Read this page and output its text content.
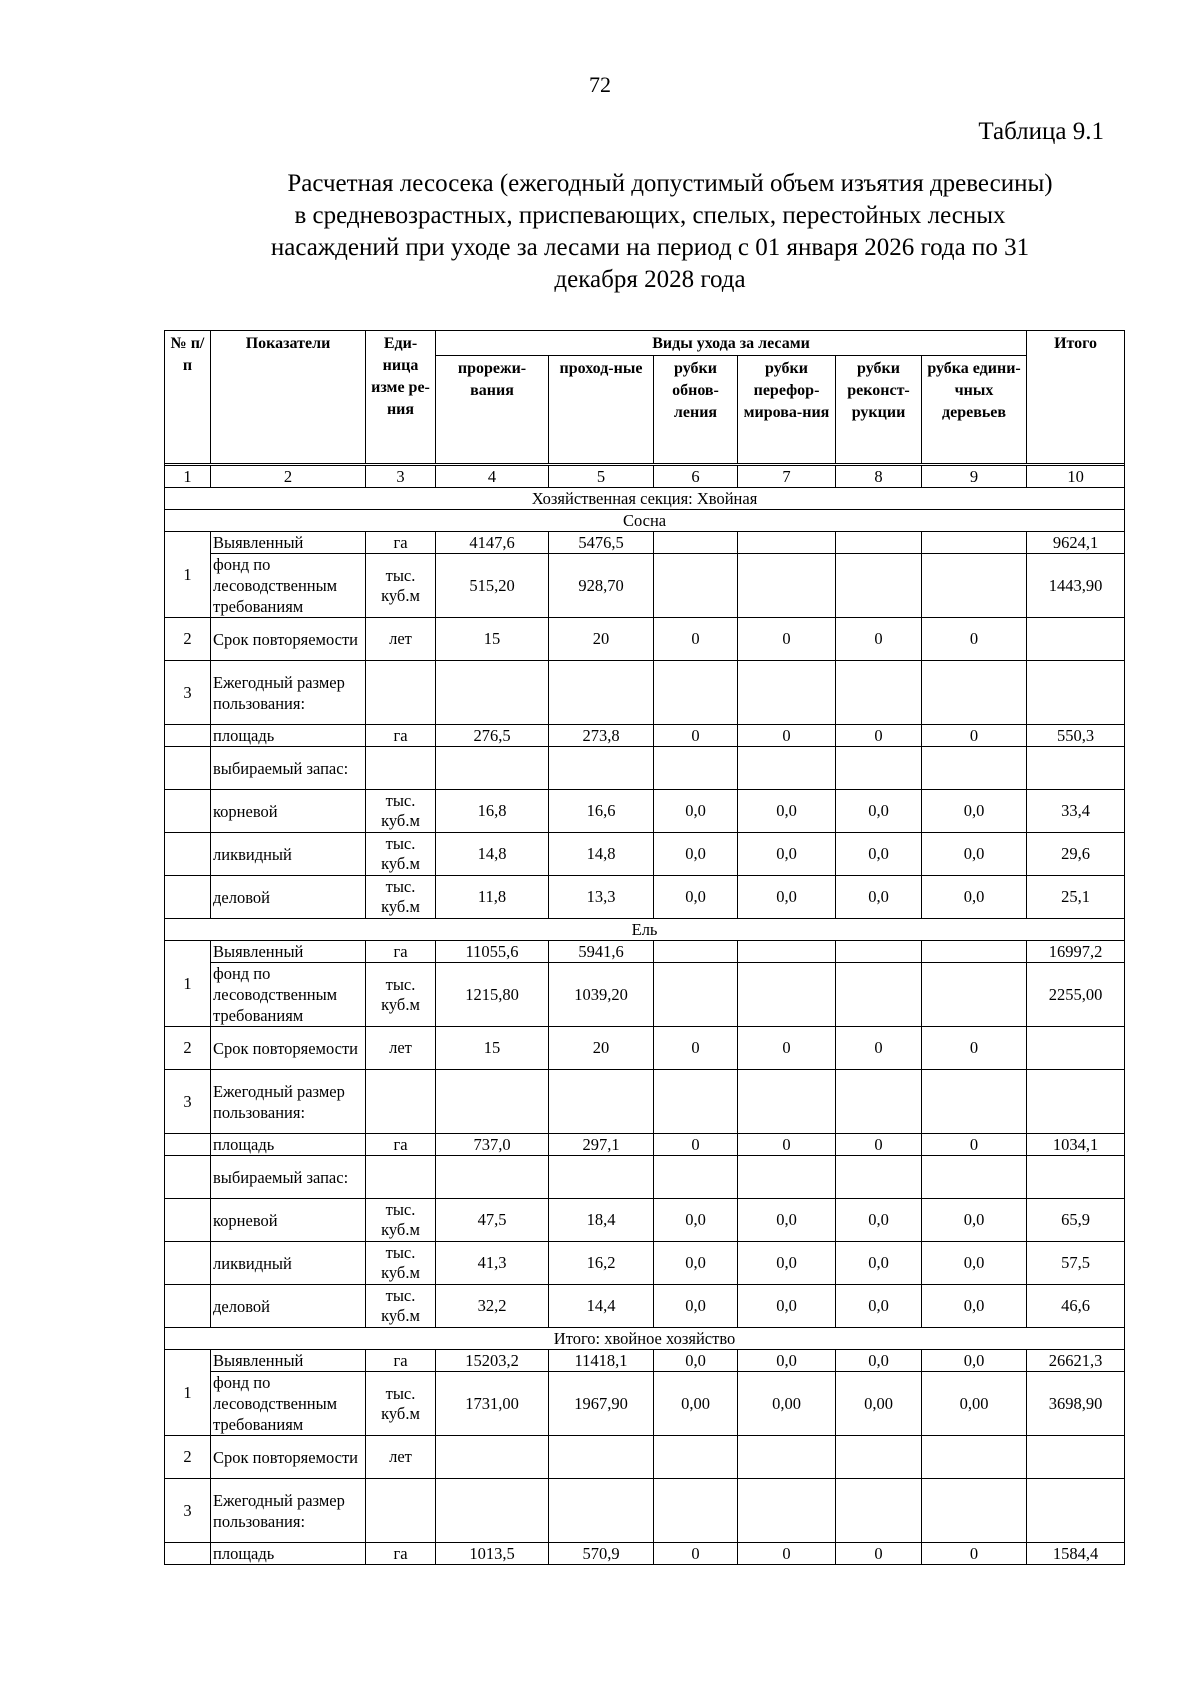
72
Таблица 9.1
Расчетная лесосека (ежегодный допустимый объем изъятия древесины)
в средневозрастных, приспевающих, спелых, перестойных лесных
насаждений при уходе за лесами на период с 01 января 2026 года по 31
декабря 2028 года
№ п/п	Показатели	Еди-ница изме ре-ния	Виды ухода за лесами						Итого
			прорежи-вания	проход-ные	рубки обнов-ления	рубки перефор-мирова-ния	рубки реконст-рукции	рубка едини-чных деревьев	

1	2	3	4	5	6	7	8	9	10
Хозяйственная секция: Хвойная									
Сосна									
1	Выявленный	га	4147,6	5476,5					9624,1
	фонд по лесоводственным требованиям	тыс. куб.м	515,20	928,70					1443,90
2	Срок повторяемости	лет	15	20	0	0	0	0	
3	Ежегодный размер пользования:								
	площадь	га	276,5	273,8	0	0	0	0	550,3
	выбираемый запас:								
	корневой	тыс. куб.м	16,8	16,6	0,0	0,0	0,0	0,0	33,4
	ликвидный	тыс. куб.м	14,8	14,8	0,0	0,0	0,0	0,0	29,6
	деловой	тыс. куб.м	11,8	13,3	0,0	0,0	0,0	0,0	25,1
Ель									
1	Выявленный	га	11055,6	5941,6					16997,2
	фонд по лесоводственным требованиям	тыс. куб.м	1215,80	1039,20					2255,00
2	Срок повторяемости	лет	15	20	0	0	0	0	
3	Ежегодный размер пользования:								
	площадь	га	737,0	297,1	0	0	0	0	1034,1
	выбираемый запас:								
	корневой	тыс. куб.м	47,5	18,4	0,0	0,0	0,0	0,0	65,9
	ликвидный	тыс. куб.м	41,3	16,2	0,0	0,0	0,0	0,0	57,5
	деловой	тыс. куб.м	32,2	14,4	0,0	0,0	0,0	0,0	46,6
Итого: хвойное хозяйство									
1	Выявленный	га	15203,2	11418,1	0,0	0,0	0,0	0,0	26621,3
	фонд по лесоводственным требованиям	тыс. куб.м	1731,00	1967,90	0,00	0,00	0,00	0,00	3698,90
2	Срок повторяемости	лет							
3	Ежегодный размер пользования:								
	площадь	га	1013,5	570,9	0	0	0	0	1584,4
